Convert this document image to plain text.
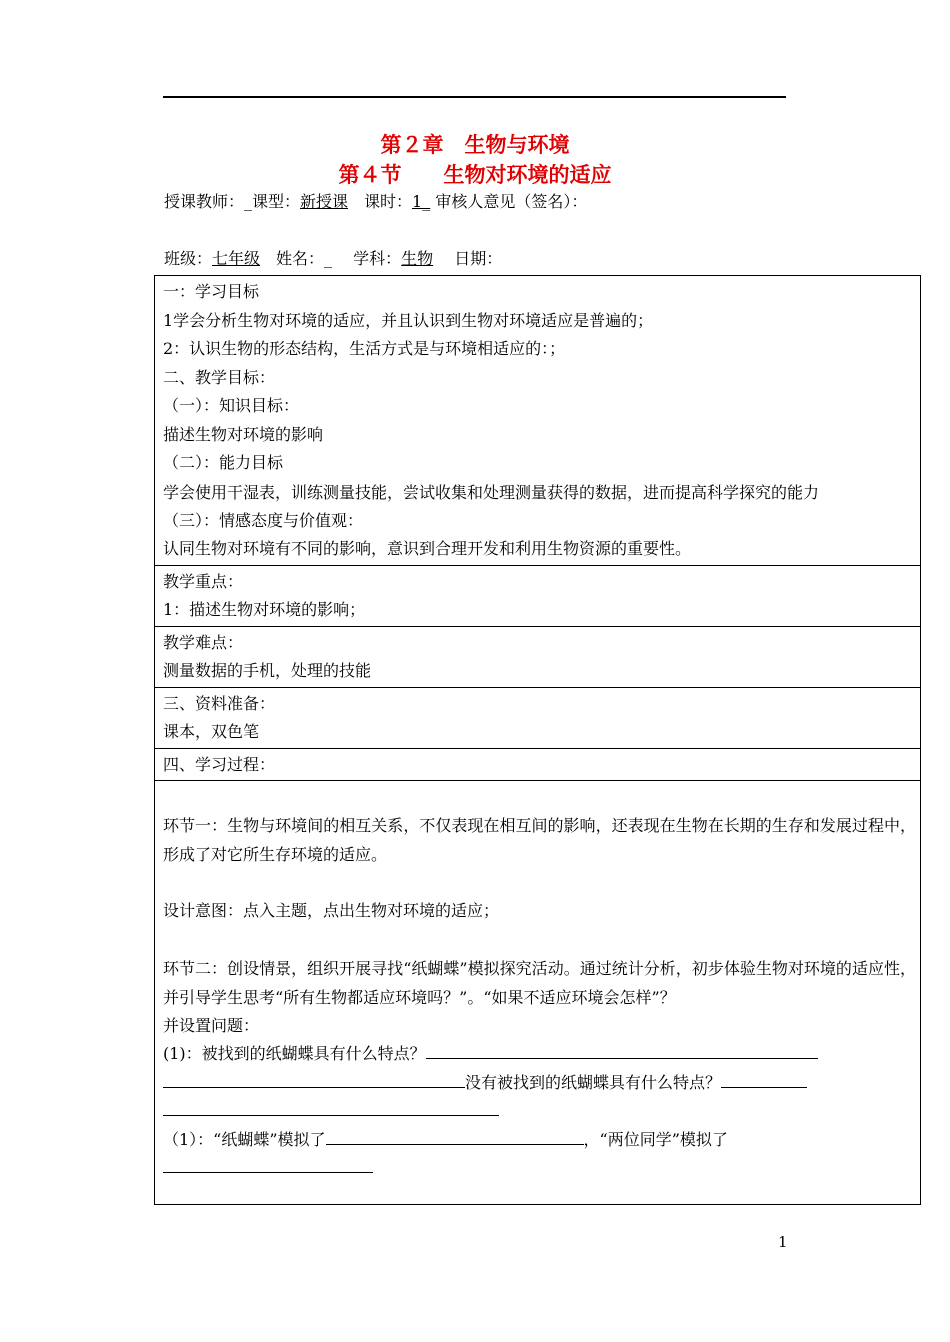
第２章　生物与环境
第４节　　生物对环境的适应
授课教师：_课型：新授课　课时：1_ 审核人意见（签名）：
班级：七年级　姓名：_　 学科：生物　 日期：
一：学习目标
1学会分析生物对环境的适应，并且认识到生物对环境适应是普遍的；
2：认识生物的形态结构，生活方式是与环境相适应的：；
二、教学目标：
（一）：知识目标：
描述生物对环境的影响
（二）：能力目标
学会使用干湿表，训练测量技能，尝试收集和处理测量获得的数据，进而提高科学探究的能力
（三）：情感态度与价值观：
认同生物对环境有不同的影响，意识到合理开发和利用生物资源的重要性。
教学重点：
1：描述生物对环境的影响；
教学难点：
测量数据的手机，处理的技能
三、资料准备：
课本，双色笔
四、学习过程：
环节一：生物与环境间的相互关系，不仅表现在相互间的影响，还表现在生物在长期的生存和发展过程中，形成了对它所生存环境的适应。
设计意图：点入主题，点出生物对环境的适应；
环节二：创设情景，组织开展寻找“纸蝴蝶”模拟探究活动。通过统计分析，初步体验生物对环境的适应性，并引导学生思考“所有生物都适应环境吗？”。“如果不适应环境会怎样”？
并设置问题：
(1)：被找到的纸蝴蝶具有什么特点？
没有被找到的纸蝴蝶具有什么特点？
（1）：“纸蝴蝶”模拟了	，“两位同学”模拟了
1
